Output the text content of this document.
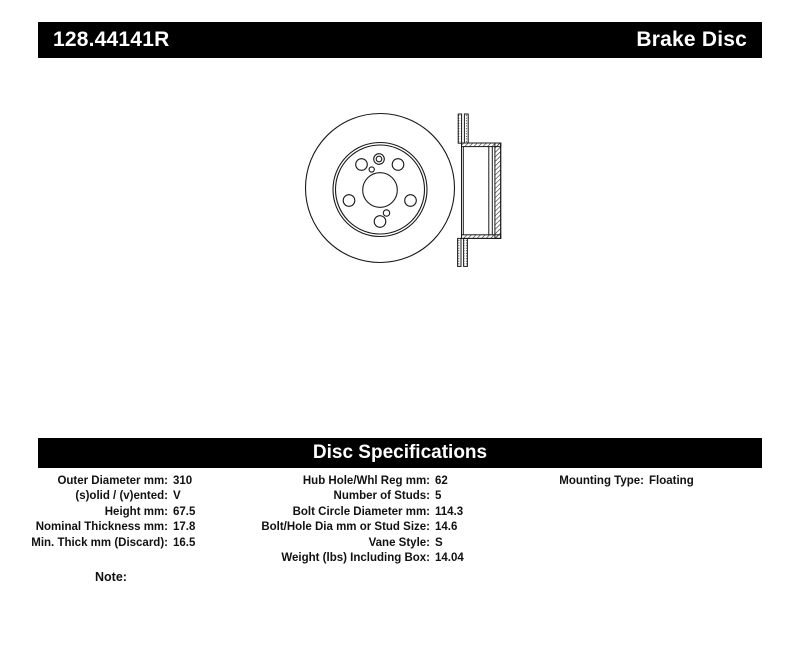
128.44141R	Brake Disc
Disc Specifications
Outer Diameter mm: 310
(s)olid / (v)ented: V
Height mm: 67.5
Nominal Thickness mm: 17.8
Min. Thick mm (Discard): 16.5
Hub Hole/Whl Reg mm: 62
Number of Studs: 5
Bolt Circle Diameter mm: 114.3
Bolt/Hole Dia mm or Stud Size: 14.6
Vane Style: S
Weight (lbs) Including Box: 14.04
Mounting Type: Floating
Note:
